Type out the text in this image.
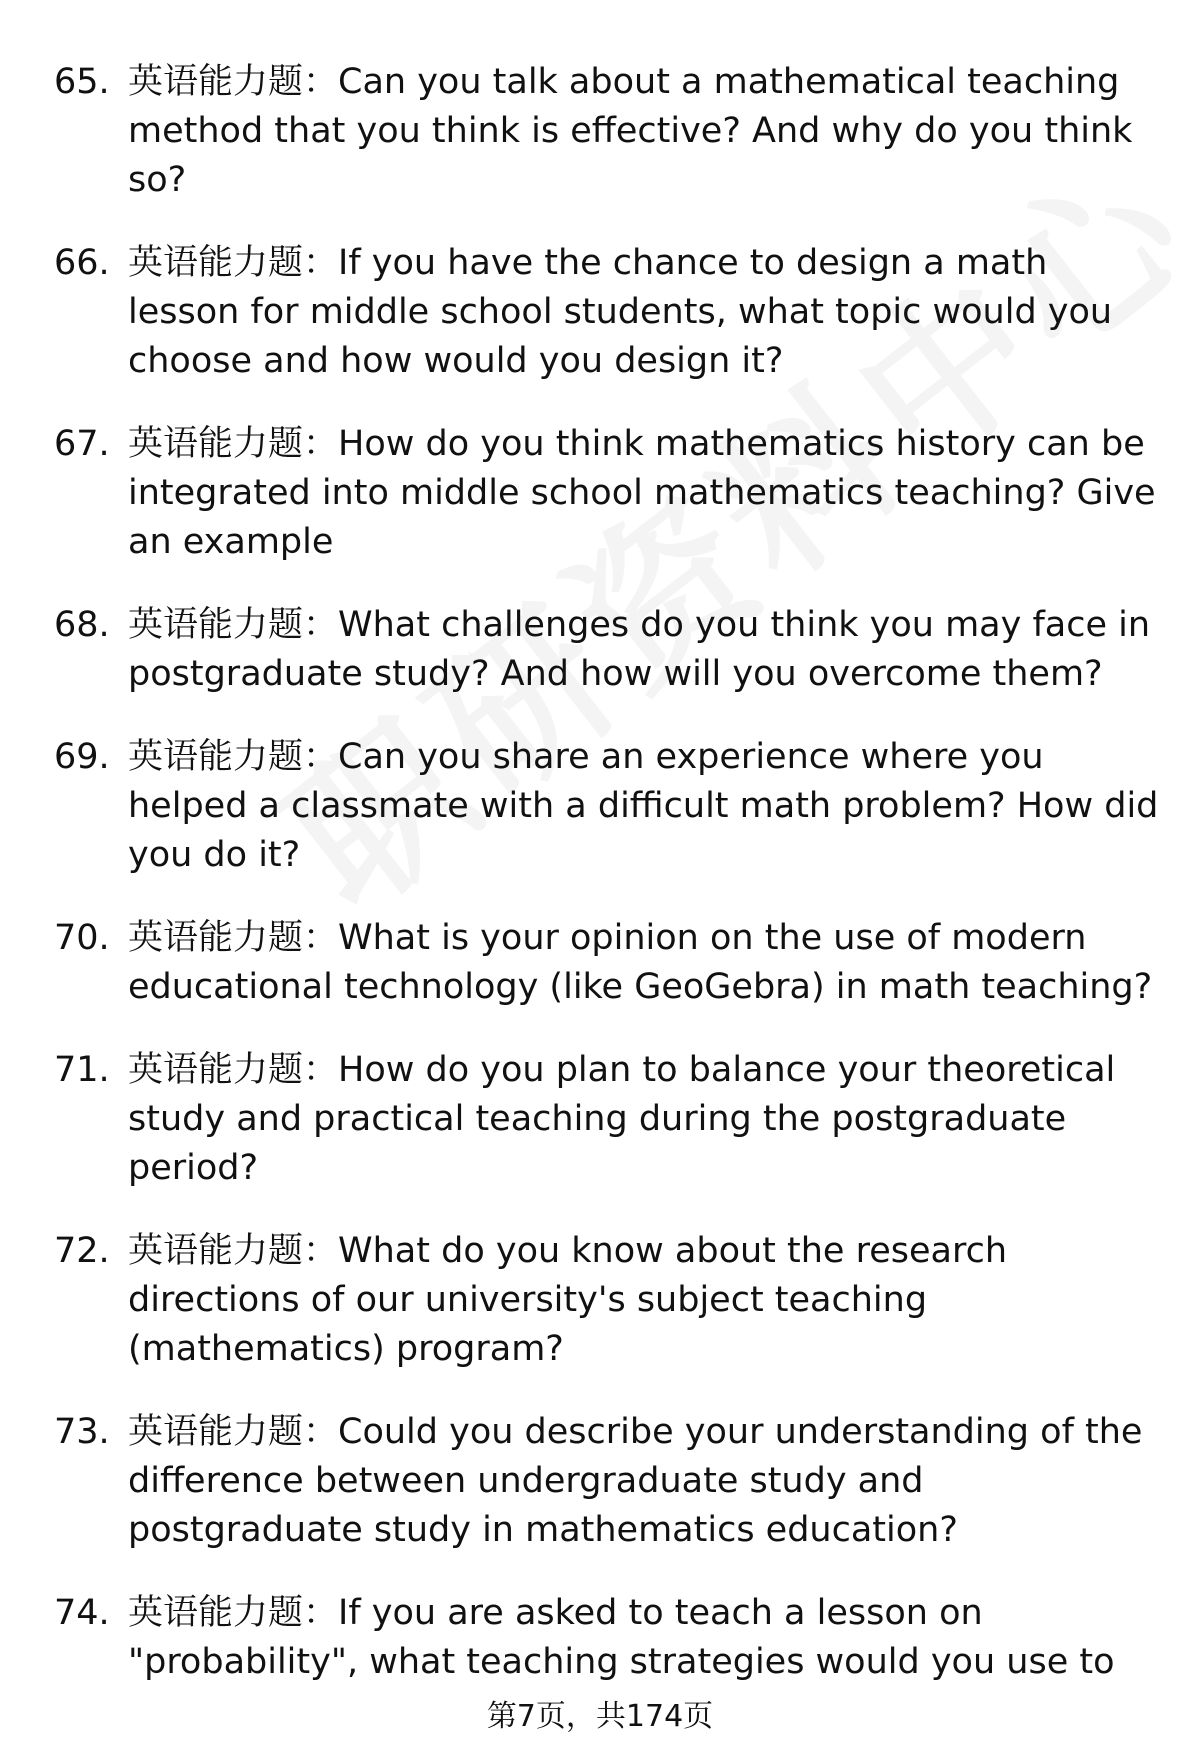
65. 英语能力题：Can you talk about a mathematical teaching method that you think is effective? And why do you think so?
66. 英语能力题：If you have the chance to design a math lesson for middle school students, what topic would you choose and how would you design it?
67. 英语能力题：How do you think mathematics history can be integrated into middle school mathematics teaching? Give an example
68. 英语能力题：What challenges do you think you may face in postgraduate study? And how will you overcome them?
69. 英语能力题：Can you share an experience where you helped a classmate with a difficult math problem? How did you do it?
70. 英语能力题：What is your opinion on the use of modern educational technology (like GeoGebra) in math teaching?
71. 英语能力题：How do you plan to balance your theoretical study and practical teaching during the postgraduate period?
72. 英语能力题：What do you know about the research directions of our university's subject teaching (mathematics) program?
73. 英语能力题：Could you describe your understanding of the difference between undergraduate study and postgraduate study in mathematics education?
74. 英语能力题：If you are asked to teach a lesson on "probability", what teaching strategies would you use to
第7页，共174页
